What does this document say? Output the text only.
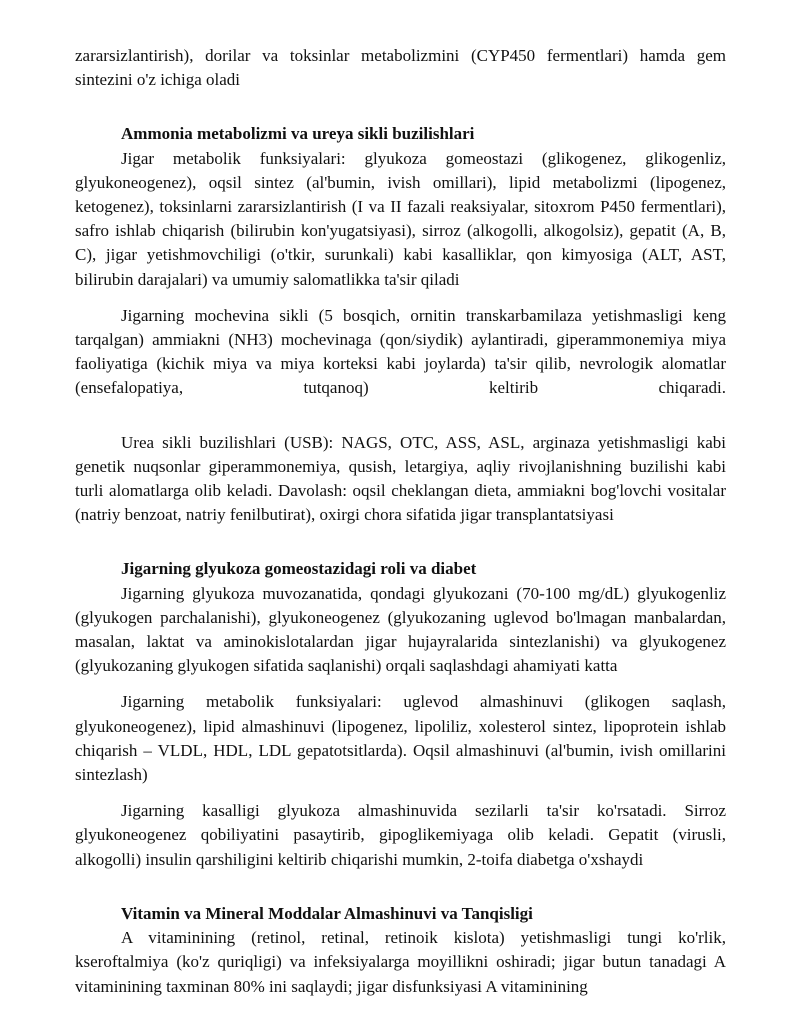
zararsizlantirish), dorilar va toksinlar metabolizmini (CYP450 fermentlari) hamda gem sintezini o'z ichiga oladi

Ammonia metabolizmi va ureya sikli buzilishlari

Jigar metabolik funksiyalari: glyukoza gomeostazi (glikogenez, glikogenliz, glyukoneogenez), oqsil sintez (al'bumin, ivish omillari), lipid metabolizmi (lipogenez, ketogenez), toksinlarni zararsizlantirish (I va II fazali reaksiyalar, sitoxrom P450 fermentlari), safro ishlab chiqarish (bilirubin kon'yugatsiyasi), sirroz (alkogolli, alkogolsiz), gepatit (A, B, C), jigar yetishmovchiligi (o'tkir, surunkali) kabi kasalliklar, qon kimyosiga (ALT, AST, bilirubin darajalari) va umumiy salomatlikka ta'sir qiladi

Jigarning mochevina sikli (5 bosqich, ornitin transkarbamilaza yetishmasligi keng tarqalgan) ammiakni (NH3) mochevinaga (qon/siydik) aylantiradi, giperammonemiya miya faoliyatiga (kichik miya va miya korteksi kabi joylarda) ta'sir qilib, nevrologik alomatlar (ensefalopatiya, tutqanoq) keltirib chiqaradi.

Urea sikli buzilishlari (USB): NAGS, OTC, ASS, ASL, arginaza yetishmasligi kabi genetik nuqsonlar giperammonemiya, qusish, letargiya, aqliy rivojlanishning buzilishi kabi turli alomatlarga olib keladi. Davolash: oqsil cheklangan dieta, ammiakni bog'lovchi vositalar (natriy benzoat, natriy fenilbutirat), oxirgi chora sifatida jigar transplantatsiyasi

Jigarning glyukoza gomeostazidagi roli va diabet

Jigarning glyukoza muvozanatida, qondagi glyukozani (70-100 mg/dL) glyukogenliz (glyukogen parchalanishi), glyukoneogenez (glyukozaning uglevod bo'lmagan manbalardan, masalan, laktat va aminokislotalardan jigar hujayralarida sintezlanishi) va glyukogenez (glyukozaning glyukogen sifatida saqlanishi) orqali saqlashdagi ahamiyati katta

Jigarning metabolik funksiyalari: uglevod almashinuvi (glikogen saqlash, glyukoneogenez), lipid almashinuvi (lipogenez, lipoliliz, xolesterol sintez, lipoprotein ishlab chiqarish – VLDL, HDL, LDL gepatotsitlarda). Oqsil almashinuvi (al'bumin, ivish omillarini sintezlash)

Jigarning kasalligi glyukoza almashinuvida sezilarli ta'sir ko'rsatadi. Sirroz glyukoneogenez qobiliyatini pasaytirib, gipoglikemiyaga olib keladi. Gepatit (virusli, alkogolli) insulin qarshiligini keltirib chiqarishi mumkin, 2-toifa diabetga o'xshaydi

Vitamin va Mineral Moddalar Almashinuvi va Tanqisligi

A vitaminining (retinol, retinal, retinoik kislota) yetishmasligi tungi ko'rlik, kseroftalmiya (ko'z quriqligi) va infeksiyalarga moyillikni oshiradi; jigar butun tanadagi A vitaminining taxminan 80% ini saqlaydi; jigar disfunksiyasi A vitaminining
